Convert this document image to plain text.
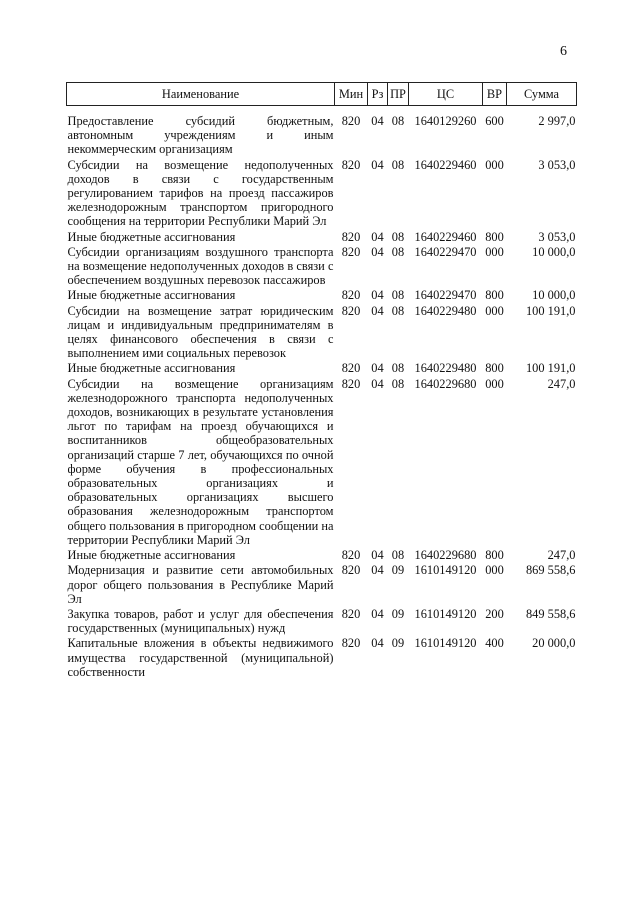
6
Наименование	Мин	Рз	ПР	ЦС	ВР	Сумма
Предоставление субсидий бюджетным, автономным учреждениям и иным некоммерческим организациям	820	04	08	1640129260	600	2 997,0
Субсидии на возмещение недополученных доходов в связи с государственным регулированием тарифов на проезд пассажиров железнодорожным транспортом пригородного сообщения на территории Республики Марий Эл	820	04	08	1640229460	000	3 053,0
Иные бюджетные ассигнования	820	04	08	1640229460	800	3 053,0
Субсидии организациям воздушного транспорта на возмещение недополученных доходов в связи с обеспечением воздушных перевозок пассажиров	820	04	08	1640229470	000	10 000,0
Иные бюджетные ассигнования	820	04	08	1640229470	800	10 000,0
Субсидии на возмещение затрат юридическим лицам и индивидуальным предпринимателям в целях финансового обеспечения в связи с выполнением ими социальных перевозок	820	04	08	1640229480	000	100 191,0
Иные бюджетные ассигнования	820	04	08	1640229480	800	100 191,0
Субсидии на возмещение организациям железнодорожного транспорта недополученных доходов, возникающих в результате установления льгот по тарифам на проезд обучающихся и воспитанников общеобразовательных организаций старше 7 лет, обучающихся по очной форме обучения в профессиональных образовательных организациях и образовательных организациях высшего образования железнодорожным транспортом общего пользования в пригородном сообщении на территории Республики Марий Эл	820	04	08	1640229680	000	247,0
Иные бюджетные ассигнования	820	04	08	1640229680	800	247,0
Модернизация и развитие сети автомобильных дорог общего пользования в Республике Марий Эл	820	04	09	1610149120	000	869 558,6
Закупка товаров, работ и услуг для обеспечения государственных (муниципальных) нужд	820	04	09	1610149120	200	849 558,6
Капитальные вложения в объекты недвижимого имущества государственной (муниципальной) собственности	820	04	09	1610149120	400	20 000,0
